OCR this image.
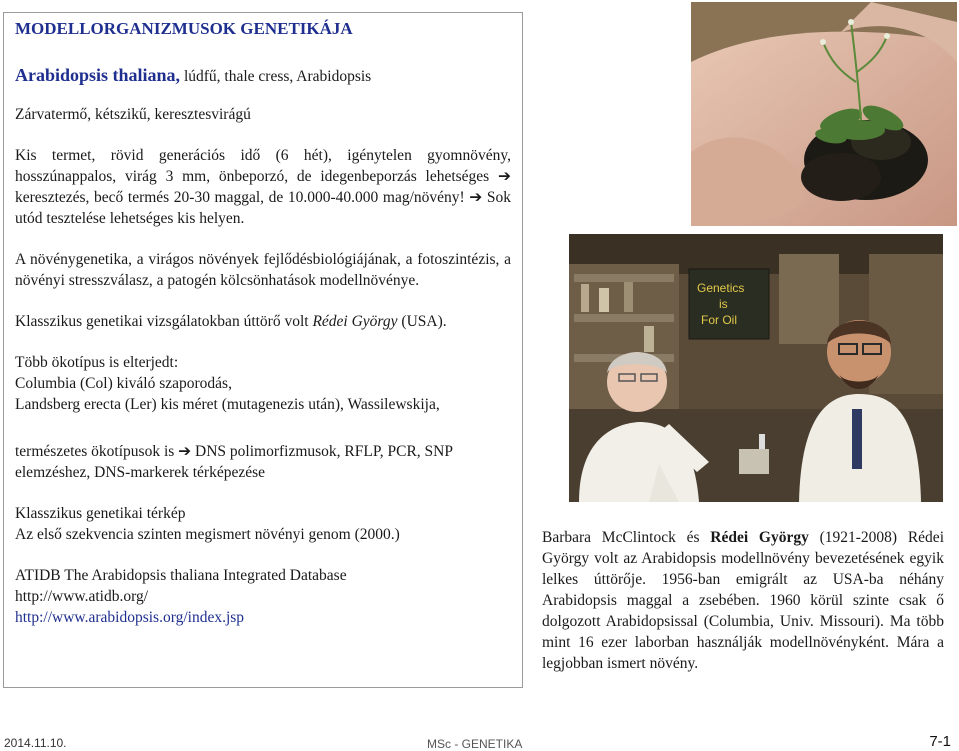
MODELLORGANIZMUSOK GENETIKÁJA
Arabidopsis thaliana, lúdfű, thale cress, Arabidopsis

Zárvatermő, kétszikű, keresztesvirágú

Kis termet, rövid generációs idő (6 hét), igénytelen gyomnövény, hosszúnappalos, virág 3 mm, önbeporzó, de idegenbeporzás lehetséges ➔ keresztezés, becő termés 20-30 maggal, de 10.000-40.000 mag/növény! ➔ Sok utód tesztelése lehetséges kis helyen.

A növénygenetika, a virágos növények fejlődésbiológiájának, a fotoszintézis, a növényi stresszválasz, a patogén kölcsönhatások modellnövénye.

Klasszikus genetikai vizsgálatokban úttörő volt Rédei György (USA).

Több ökotípus is elterjedt:

Columbia (Col) kiváló szaporodás,

Landsberg erecta (Ler) kis méret (mutagenezis után), Wassilewskija,

természetes ökotípusok is ➔ DNS polimorfizmusok, RFLP, PCR, SNP elemzéshez, DNS-markerek térképezése

Klasszikus genetikai térkép

Az első szekvencia szinten megismert növényi genom (2000.)

ATIDB The Arabidopsis thaliana Integrated Database

http://www.atidb.org/

http://www.arabidopsis.org/index.jsp

Genetics
is
For Oil
Barbara McClintock és Rédei György (1921-2008) Rédei György volt az Arabidopsis modellnövény bevezetésének egyik lelkes úttörője. 1956-ban emigrált az USA-ba néhány Arabidopsis maggal a zsebében. 1960 körül szinte csak ő dolgozott Arabidopsissal (Columbia, Univ. Missouri). Ma több mint 16 ezer laborban használják modellnövényként. Mára a legjobban ismert növény.
2014.11.10.	MSc - GENETIKA	7-1
